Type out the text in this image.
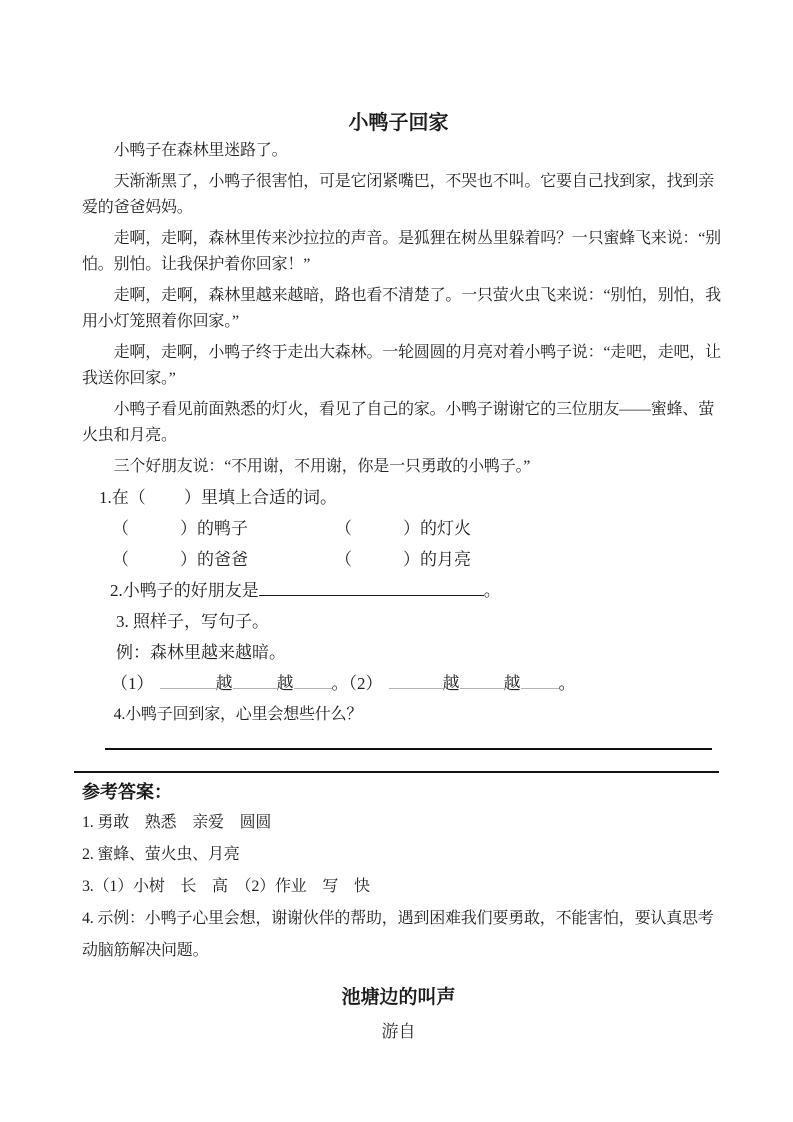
小鸭子回家
　　小鸭子在森林里迷路了。
　　天渐渐黑了，小鸭子很害怕，可是它闭紧嘴巴，不哭也不叫。它要自己找到家，找到亲
爱的爸爸妈妈。
　　走啊，走啊，森林里传来沙拉拉的声音。是狐狸在树丛里躲着吗？一只蜜蜂飞来说：“别
怕。别怕。让我保护着你回家！”
　　走啊，走啊，森林里越来越暗，路也看不清楚了。一只萤火虫飞来说：“别怕，别怕，我
用小灯笼照着你回家。”
　　走啊，走啊，小鸭子终于走出大森林。一轮圆圆的月亮对着小鸭子说：“走吧，走吧，让
我送你回家。”
　　小鸭子看见前面熟悉的灯火，看见了自己的家。小鸭子谢谢它的三位朋友——蜜蜂、萤
火虫和月亮。
　　三个好朋友说：“不用谢，不用谢，你是一只勇敢的小鸭子。”
　1.在（　　 ）里填上合适的词。
（　　　）的鸭子	（　　　）的灯火
（　　　）的爸爸	（　　　）的月亮
2.小鸭子的好朋友是	。
　　3. 照样子，写句子。
　　例：森林里越来越暗。
（1）	越	越 。（2）	越	越 。
　　4.小鸭子回到家，心里会想些什么？
参考答案：
1. 勇敢　熟悉　亲爱　圆圆
2. 蜜蜂、萤火虫、月亮
3.（1）小树　长　高　（2）作业　写　快
4. 示例：小鸭子心里会想，谢谢伙伴的帮助，遇到困难我们要勇敢，不能害怕，要认真思考
动脑筋解决问题。
池塘边的叫声
游自
